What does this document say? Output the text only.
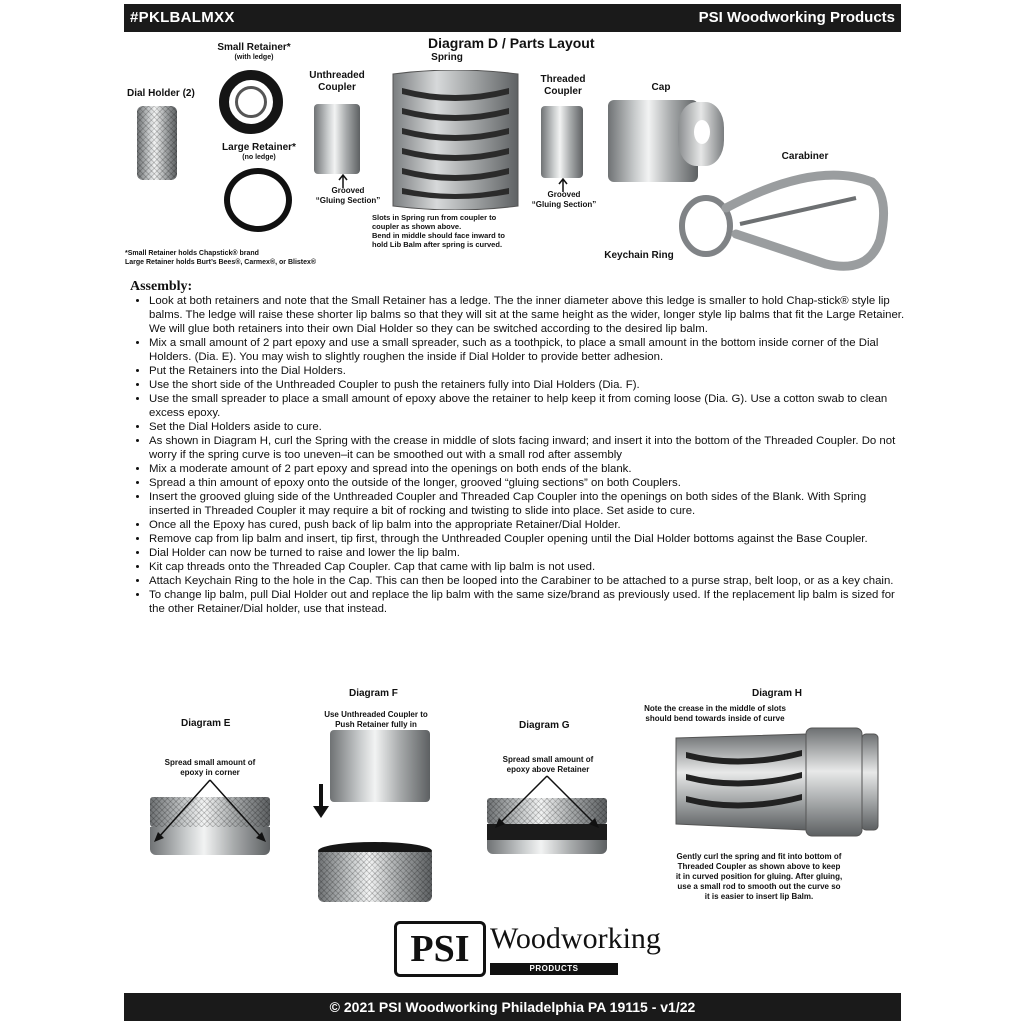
#PKLBALMXX	PSI Woodworking Products
Diagram D / Parts Layout
Dial Holder (2)
Small Retainer*
(with ledge)
Large Retainer*
(no ledge)
Unthreaded
Coupler
Grooved
“Gluing Section”
Spring
Slots in Spring run from coupler to
coupler as shown above.
Bend in middle should face inward to
hold Lib Balm after spring is curved.
Threaded
Coupler
Grooved
“Gluing Section”
Cap
Carabiner
Keychain Ring
*Small Retainer holds Chapstick® brand
Large Retainer holds Burt’s Bees®, Carmex®, or Blistex®
Assembly:
• Look at both retainers and note that the Small Retainer has a ledge. The the inner diameter above this ledge is smaller to hold Chap-stick® style lip balms. The ledge will raise these shorter lip balms so that they will sit at the same height as the wider, longer style lip balms that fit the Large Retainer. We will glue both retainers into their own Dial Holder so they can be switched according to the desired lip balm.
• Mix a small amount of 2 part epoxy and use a small spreader, such as a toothpick, to place a small amount in the bottom inside corner of the Dial Holders. (Dia. E). You may wish to slightly roughen the inside if Dial Holder to provide better adhesion.
• Put the Retainers into the Dial Holders.
• Use the short side of the Unthreaded Coupler to push the retainers fully into Dial Holders (Dia. F).
• Use the small spreader to place a small amount of epoxy above the retainer to help keep it from coming loose (Dia. G). Use a cotton swab to clean excess epoxy.
• Set the Dial Holders aside to cure.
• As shown in Diagram H, curl the Spring with the crease in middle of slots facing inward; and insert it into the bottom of the Threaded Coupler. Do not worry if the spring curve is too uneven–it can be smoothed out with a small rod after assembly
• Mix a moderate amount of 2 part epoxy and spread into the openings on both ends of the blank.
• Spread a thin amount of epoxy onto the outside of the longer, grooved “gluing sections” on both Couplers.
• Insert the grooved gluing side of the Unthreaded Coupler and Threaded Cap Coupler into the openings on both sides of the Blank. With Spring inserted in Threaded Coupler it may require a bit of rocking and twisting to slide into place. Set aside to cure.
• Once all the Epoxy has cured, push back of lip balm into the appropriate Retainer/Dial Holder.
• Remove cap from lip balm and insert, tip first, through the Unthreaded Coupler opening until the Dial Holder bottoms against the Base Coupler.
• Dial Holder can now be turned to raise and lower the lip balm.
• Kit cap threads onto the Threaded Cap Coupler. Cap that came with lip balm is not used.
• Attach Keychain Ring to the hole in the Cap. This can then be looped into the Carabiner to be attached to a purse strap, belt loop, or as a key chain.
• To change lip balm, pull Dial Holder out and replace the lip balm with the same size/brand as previously used. If the replacement lip balm is sized for the other Retainer/Dial holder, use that instead.
Diagram E
Spread small amount of
epoxy in corner
Diagram F
Use Unthreaded Coupler to
Push Retainer fully in	Diagram G
Spread small amount of
epoxy above Retainer
Diagram H
Note the crease in the middle of slots
should bend towards inside of curve
Gently curl the spring and fit into bottom of
Threaded Coupler as shown above to keep
it in curved position for gluing. After gluing,
use a small rod to smooth out the curve so
it is easier to insert lip Balm.
PSI Woodworking
PRODUCTS
© 2021 PSI Woodworking Philadelphia PA 19115 - v1/22
